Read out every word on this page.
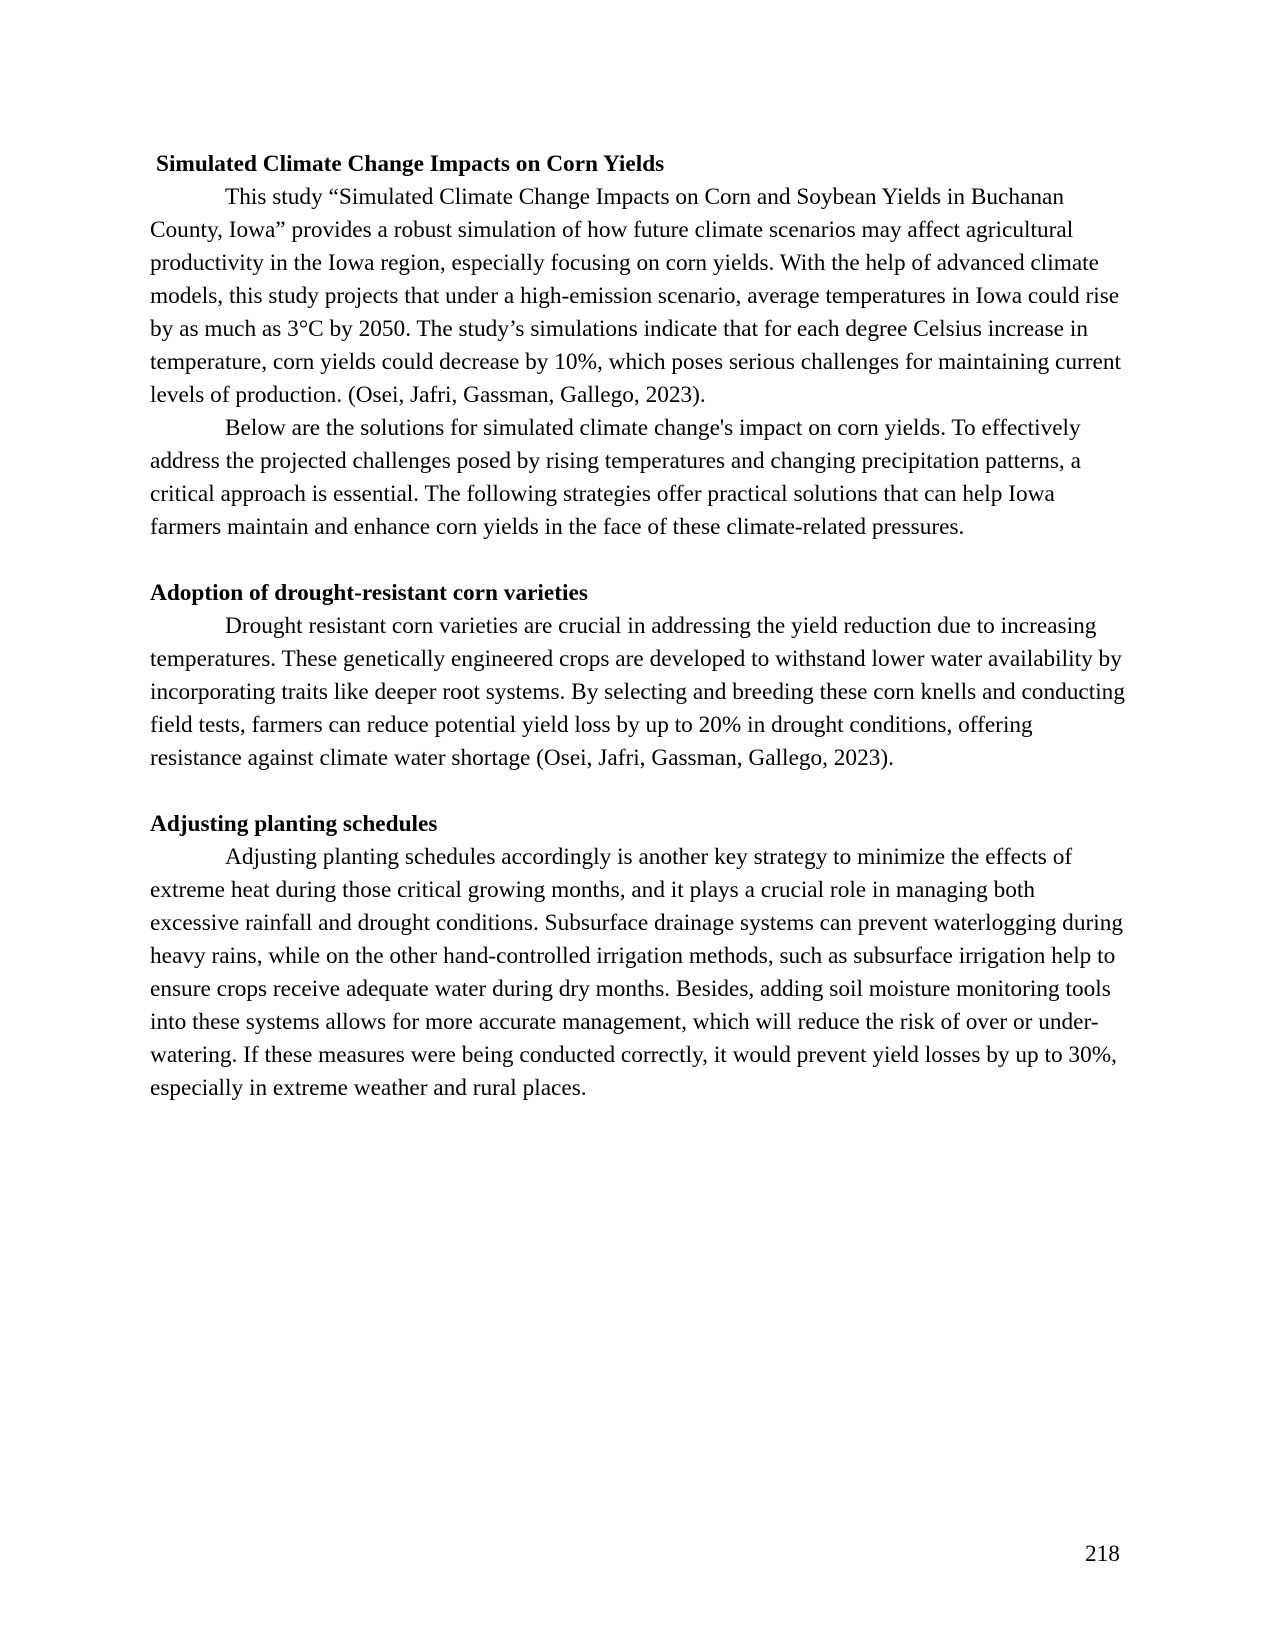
Simulated Climate Change Impacts on Corn Yields

This study “Simulated Climate Change Impacts on Corn and Soybean Yields in Buchanan County, Iowa” provides a robust simulation of how future climate scenarios may affect agricultural productivity in the Iowa region, especially focusing on corn yields. With the help of advanced climate models, this study projects that under a high-emission scenario, average temperatures in Iowa could rise by as much as 3°C by 2050. The study’s simulations indicate that for each degree Celsius increase in temperature, corn yields could decrease by 10%, which poses serious challenges for maintaining current levels of production. (Osei, Jafri, Gassman, Gallego, 2023).

Below are the solutions for simulated climate change's impact on corn yields. To effectively address the projected challenges posed by rising temperatures and changing precipitation patterns, a critical approach is essential. The following strategies offer practical solutions that can help Iowa farmers maintain and enhance corn yields in the face of these climate-related pressures.

Adoption of drought-resistant corn varieties

Drought resistant corn varieties are crucial in addressing the yield reduction due to increasing temperatures. These genetically engineered crops are developed to withstand lower water availability by incorporating traits like deeper root systems. By selecting and breeding these corn knells and conducting field tests, farmers can reduce potential yield loss by up to 20% in drought conditions, offering resistance against climate water shortage (Osei, Jafri, Gassman, Gallego, 2023).

Adjusting planting schedules

Adjusting planting schedules accordingly is another key strategy to minimize the effects of extreme heat during those critical growing months, and it plays a crucial role in managing both excessive rainfall and drought conditions. Subsurface drainage systems can prevent waterlogging during heavy rains, while on the other hand-controlled irrigation methods, such as subsurface irrigation help to ensure crops receive adequate water during dry months. Besides, adding soil moisture monitoring tools into these systems allows for more accurate management, which will reduce the risk of over or under-watering. If these measures were being conducted correctly, it would prevent yield losses by up to 30%, especially in extreme weather and rural places.

218
